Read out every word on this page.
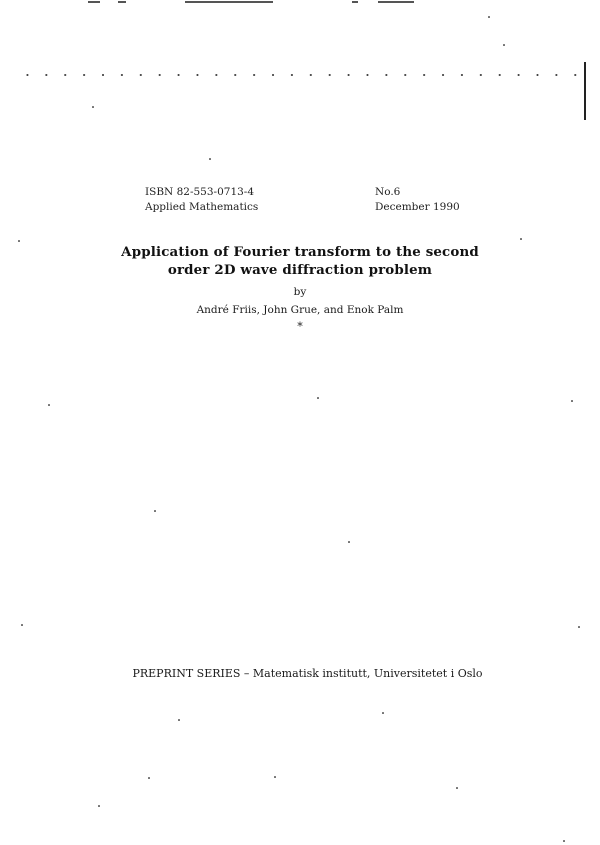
ISBN 82-553-0713-4
Applied Mathematics
No.6
December 1990
Application of Fourier transform to the second
order 2D wave diffraction problem
by
André Friis, John Grue, and Enok Palm
*
PREPRINT SERIES – Matematisk institutt, Universitetet i Oslo
